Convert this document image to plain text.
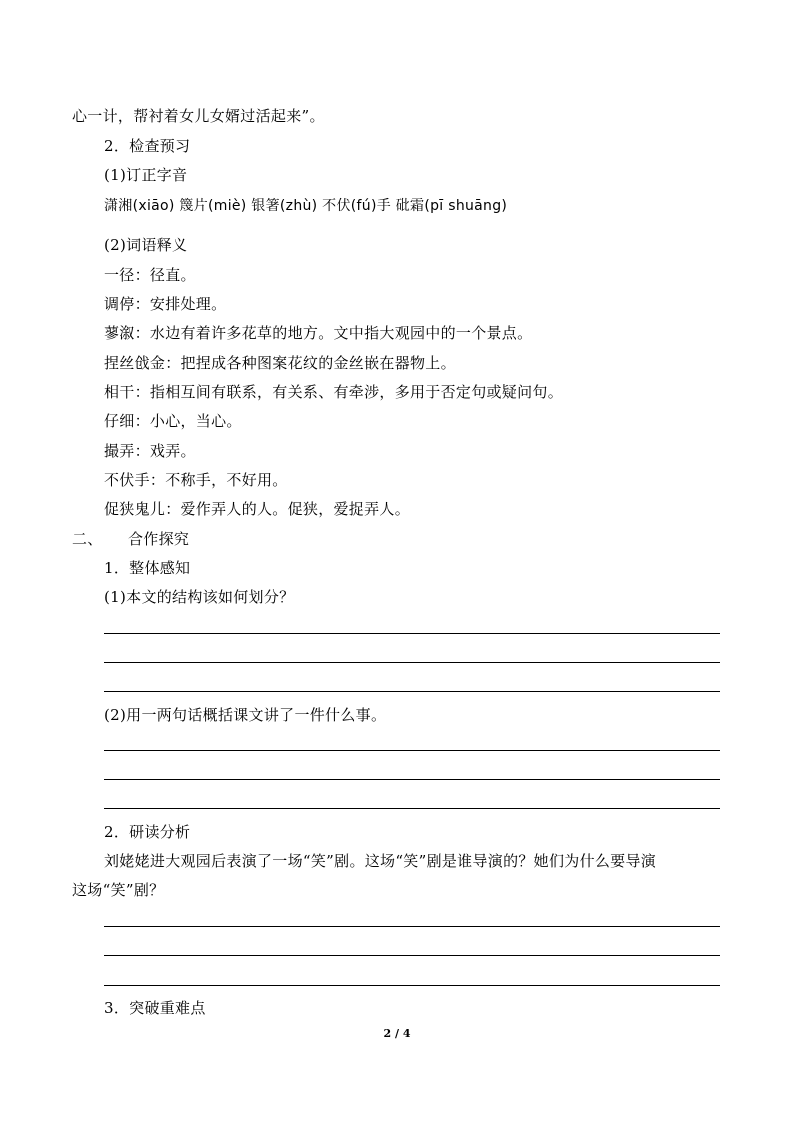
心一计，帮衬着女儿女婿过活起来”。
2．检查预习
(1)订正字音
潇湘(xiāo) 篾片(miè) 银箸(zhù) 不伏(fú)手 砒霜(pī shuāng)
(2)词语释义
一径：径直。
调停：安排处理。
蓼溆：水边有着许多花草的地方。文中指大观园中的一个景点。
捏丝戗金：把捏成各种图案花纹的金丝嵌在器物上。
相干：指相互间有联系，有关系、有牵涉，多用于否定句或疑问句。
仔细：小心，当心。
撮弄：戏弄。
不伏手：不称手，不好用。
促狭鬼儿：爱作弄人的人。促狭，爱捉弄人。
二、 合作探究
1．整体感知
(1)本文的结构该如何划分？
(2)用一两句话概括课文讲了一件什么事。
2．研读分析
刘姥姥进大观园后表演了一场“笑”剧。这场“笑”剧是谁导演的？她们为什么要导演
这场“笑”剧？
3．突破重难点
2 / 4
